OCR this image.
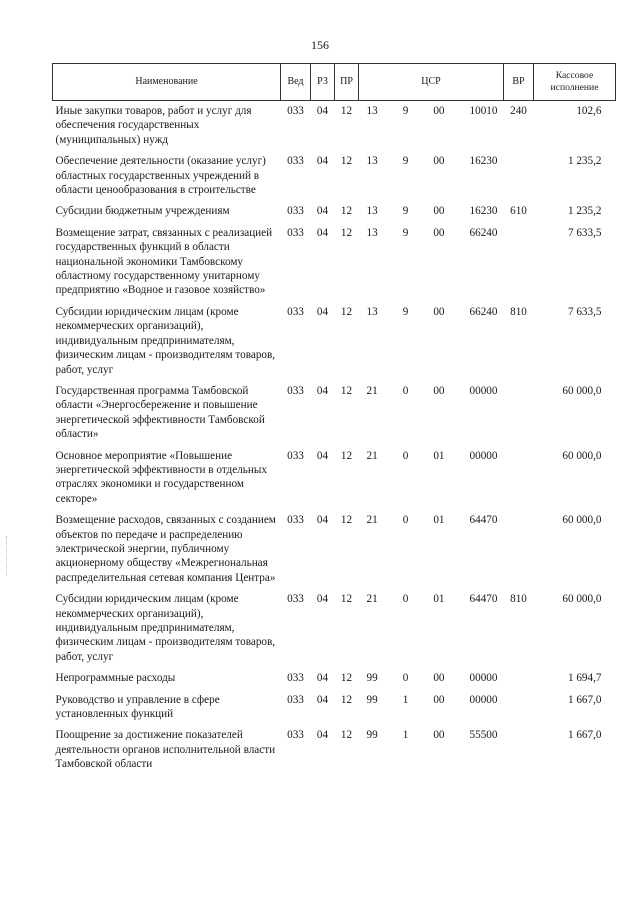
156
Наименование	Вед	РЗ	ПР	ЦСР	ВР	Кассовое
исполнение
Иные закупки товаров, работ и услуг для обеспечения государственных (муниципальных) нужд	033	04	12	13 9 00 10010	240	102,6
Обеспечение деятельности (оказание услуг) областных государственных учреждений в области ценообразования в строительстве	033	04	12	13 9 00 16230		1 235,2
Субсидии бюджетным учреждениям	033	04	12	13 9 00 16230	610	1 235,2
Возмещение затрат, связанных с реализацией государственных функций в области национальной экономики Тамбовскому областному государственному унитарному предприятию «Водное и газовое хозяйство»	033	04	12	13 9 00 66240		7 633,5
Субсидии юридическим лицам (кроме некоммерческих организаций), индивидуальным предпринимателям, физическим лицам - производителям товаров, работ, услуг	033	04	12	13 9 00 66240	810	7 633,5
Государственная программа Тамбовской области «Энергосбережение и повышение энергетической эффективности Тамбовской области»	033	04	12	21 0 00 00000		60 000,0
Основное мероприятие «Повышение энергетической эффективности в отдельных отраслях экономики и государственном секторе»	033	04	12	21 0 01 00000		60 000,0
Возмещение расходов, связанных с созданием объектов по передаче и распределению электрической энергии, публичному акционерному обществу «Межрегиональная распределительная сетевая компания Центра»	033	04	12	21 0 01 64470		60 000,0
Субсидии юридическим лицам (кроме некоммерческих организаций), индивидуальным предпринимателям, физическим лицам - производителям товаров, работ, услуг	033	04	12	21 0 01 64470	810	60 000,0
Непрограммные расходы	033	04	12	99 0 00 00000		1 694,7
Руководство и управление в сфере установленных функций	033	04	12	99 1 00 00000		1 667,0
Поощрение за достижение показателей деятельности органов исполнительной власти Тамбовской области	033	04	12	99 1 00 55500		1 667,0
